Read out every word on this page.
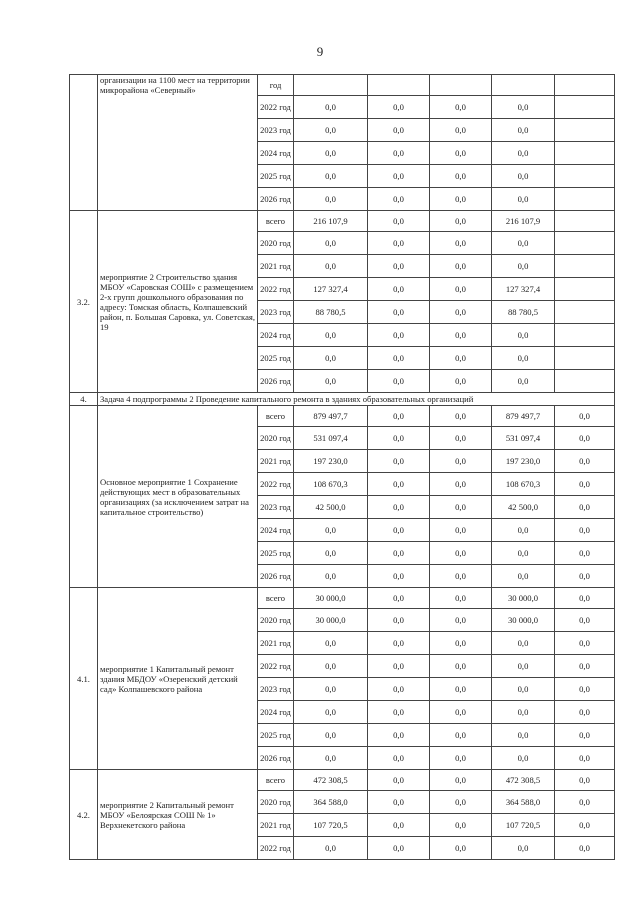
9
	организации на 1100 мест на территории микрорайона «Северный»	год					
		2022 год	0,0	0,0	0,0	0,0	
		2023 год	0,0	0,0	0,0	0,0	
		2024 год	0,0	0,0	0,0	0,0	
		2025 год	0,0	0,0	0,0	0,0	
		2026 год	0,0	0,0	0,0	0,0	
3.2.	мероприятие 2 Строительство здания МБОУ «Саровская СОШ» с размещением 2-х групп дошкольного образования по адресу: Томская область, Колпашевский район, п. Большая Саровка, ул. Советская, 19	всего	216 107,9	0,0	0,0	216 107,9	
		2020 год	0,0	0,0	0,0	0,0	
		2021 год	0,0	0,0	0,0	0,0	
		2022 год	127 327,4	0,0	0,0	127 327,4	
		2023 год	88 780,5	0,0	0,0	88 780,5	
		2024 год	0,0	0,0	0,0	0,0	
		2025 год	0,0	0,0	0,0	0,0	
		2026 год	0,0	0,0	0,0	0,0	
4.	Задача 4 подпрограммы 2 Проведение капитального ремонта в зданиях образовательных организаций						
	Основное мероприятие 1 Сохранение действующих мест в образовательных организациях (за исключением затрат на капитальное строительство)	всего	879 497,7	0,0	0,0	879 497,7	0,0
		2020 год	531 097,4	0,0	0,0	531 097,4	0,0
		2021 год	197 230,0	0,0	0,0	197 230,0	0,0
		2022 год	108 670,3	0,0	0,0	108 670,3	0,0
		2023 год	42 500,0	0,0	0,0	42 500,0	0,0
		2024 год	0,0	0,0	0,0	0,0	0,0
		2025 год	0,0	0,0	0,0	0,0	0,0
		2026 год	0,0	0,0	0,0	0,0	0,0
4.1.	мероприятие 1 Капитальный ремонт здания МБДОУ «Озеренский детский сад» Колпашевского района	всего	30 000,0	0,0	0,0	30 000,0	0,0
		2020 год	30 000,0	0,0	0,0	30 000,0	0,0
		2021 год	0,0	0,0	0,0	0,0	0,0
		2022 год	0,0	0,0	0,0	0,0	0,0
		2023 год	0,0	0,0	0,0	0,0	0,0
		2024 год	0,0	0,0	0,0	0,0	0,0
		2025 год	0,0	0,0	0,0	0,0	0,0
		2026 год	0,0	0,0	0,0	0,0	0,0
4.2.	мероприятие 2 Капитальный ремонт МБОУ «Белоярская СОШ № 1» Верхнекетского района	всего	472 308,5	0,0	0,0	472 308,5	0,0
		2020 год	364 588,0	0,0	0,0	364 588,0	0,0
		2021 год	107 720,5	0,0	0,0	107 720,5	0,0
		2022 год	0,0	0,0	0,0	0,0	0,0
